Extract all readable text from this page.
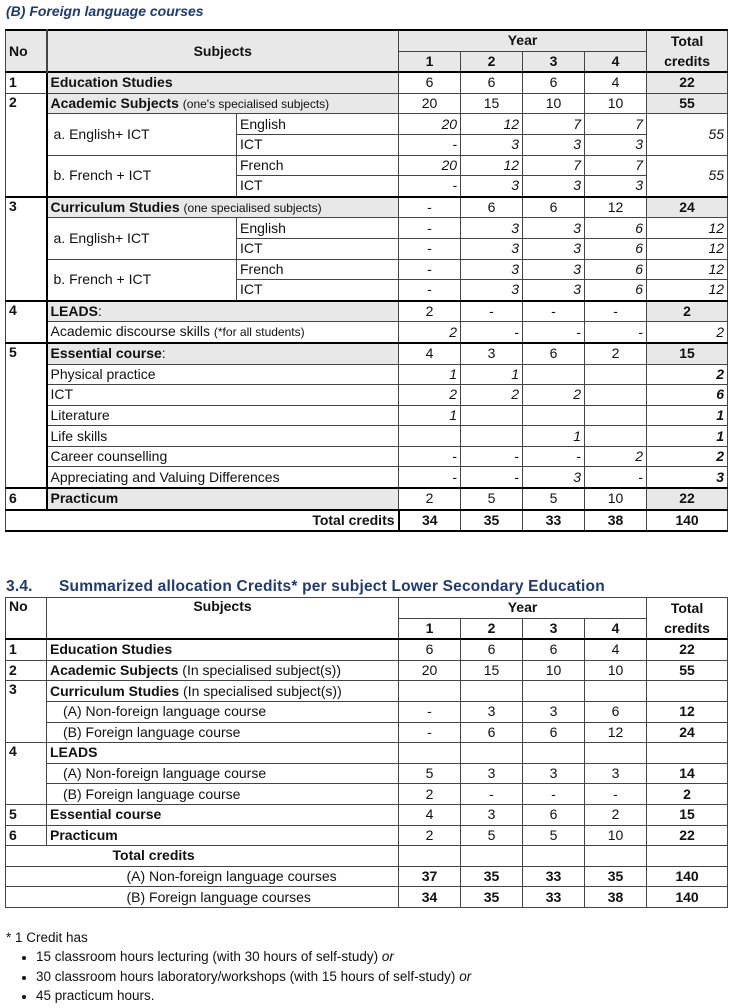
(B) Foreign language courses
No	Subjects		Year				Total
			1	2	3	4	credits
1	Education Studies		6	6	6	4	22
2	Academic Subjects (one's specialised subjects)		20	15	10	10	55
	a. English+ ICT	English	20	12	7	7	55
		ICT	-	3	3	3	
	b. French + ICT	French	20	12	7	7	55
		ICT	-	3	3	3	
3	Curriculum Studies (one specialised subjects)		-	6	6	12	24
	a. English+ ICT	English	-	3	3	6	12
		ICT	-	3	3	6	12
	b. French + ICT	French	-	3	3	6	12
		ICT	-	3	3	6	12
4	LEADS:		2	-	-	-	2
	Academic discourse skills (*for all students)		2	-	-	-	2
5	Essential course:		4	3	6	2	15
	Physical practice		1	1			2
	ICT		2	2	2		6
	Literature		1				1
	Life skills				1		1
	Career counselling		-	-	-	2	2
	Appreciating and Valuing Differences		-	-	3	-	3
6	Practicum		2	5	5	10	22
Total credits			34	35	33	38	140
3.4. Summarized allocation Credits* per subject Lower Secondary Education
No	Subjects	Year				Total
		1	2	3	4	credits
1	Education Studies	6	6	6	4	22
2	Academic Subjects (In specialised subject(s))	20	15	10	10	55
3	Curriculum Studies (In specialised subject(s))					
	(A) Non-foreign language course	-	3	3	6	12
	(B) Foreign language course	-	6	6	12	24
4	LEADS					
	(A) Non-foreign language course	5	3	3	3	14
	(B) Foreign language course	2	-	-	-	2
5	Essential course	4	3	6	2	15
6	Practicum	2	5	5	10	22
	Total credits					
	(A) Non-foreign language courses	37	35	33	35	140
	(B) Foreign language courses	34	35	33	38	140
* 1 Credit has
• 15 classroom hours lecturing (with 30 hours of self-study) or
• 30 classroom hours laboratory/workshops (with 15 hours of self-study) or
• 45 practicum hours.
